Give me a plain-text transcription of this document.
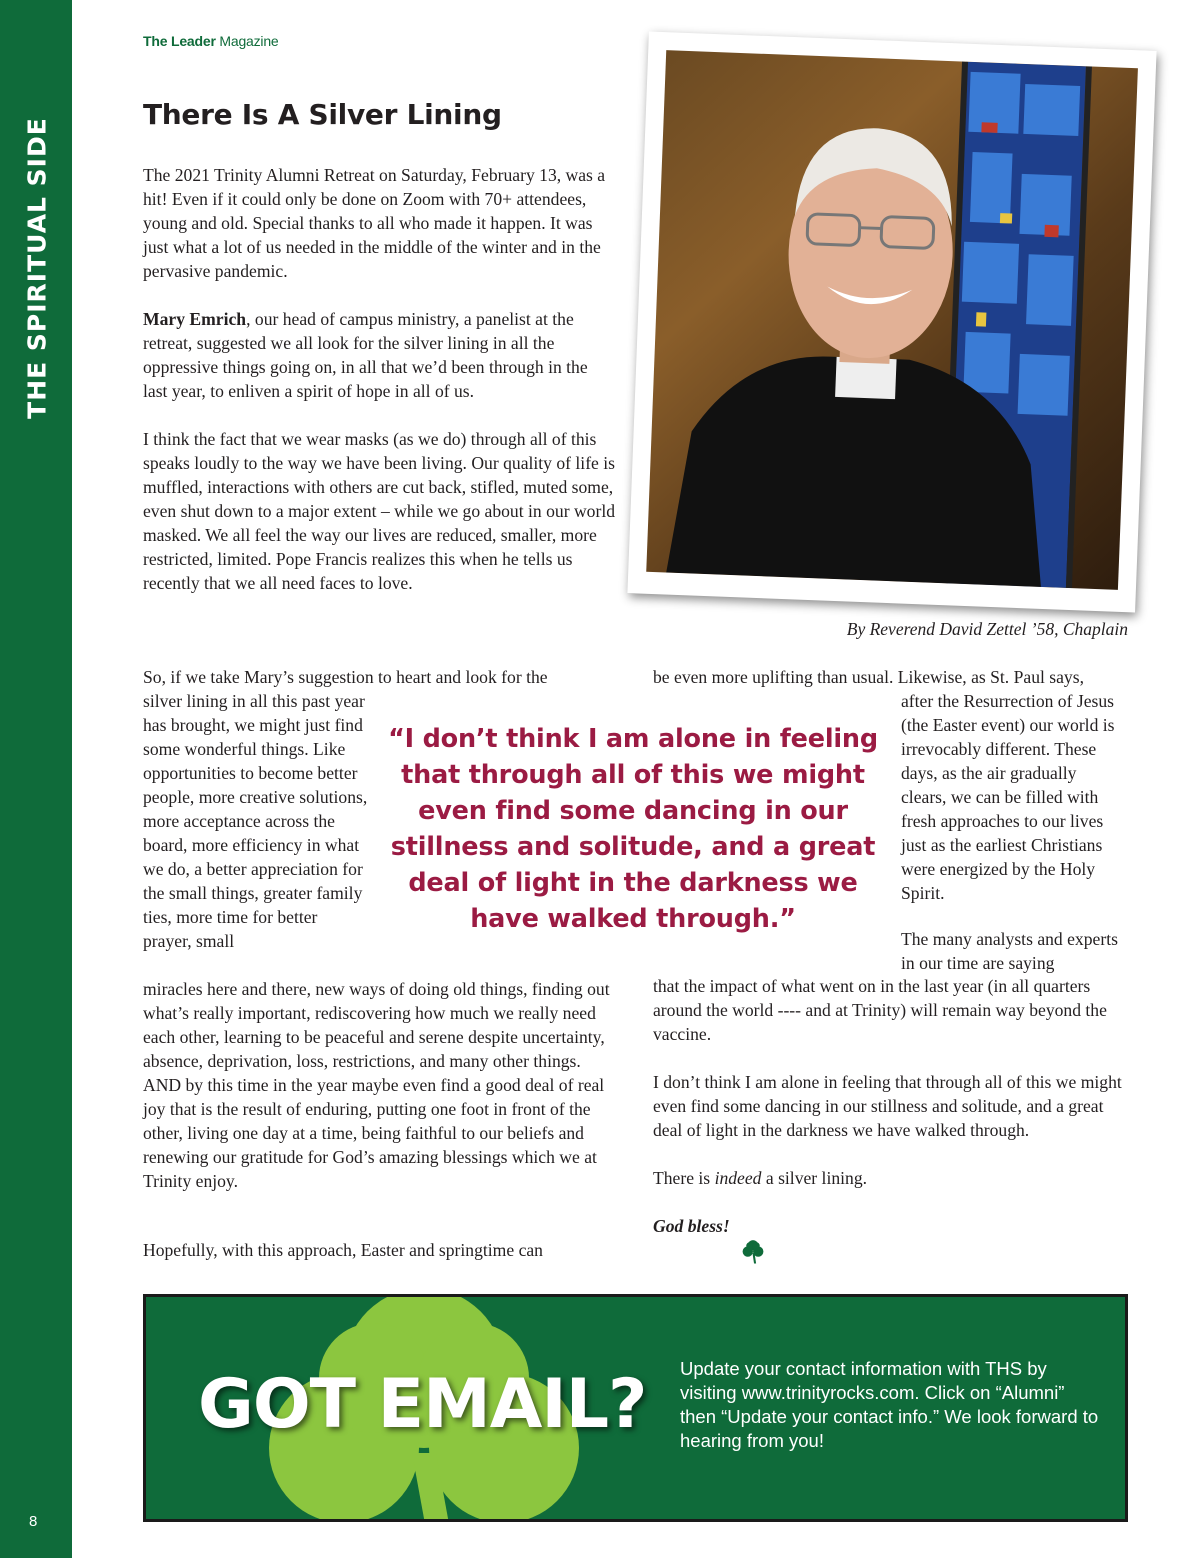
THE SPIRITUAL SIDE
8
The Leader Magazine
There Is A Silver Lining

The 2021 Trinity Alumni Retreat on Saturday, February 13, was a hit! Even if it could only be done on Zoom with 70+ attendees, young and old. Special thanks to all who made it happen. It was just what a lot of us needed in the middle of the winter and in the pervasive pandemic.

Mary Emrich, our head of campus ministry, a panelist at the retreat, suggested we all look for the silver lining in all the oppressive things going on, in all that we’d been through in the last year, to enliven a spirit of hope in all of us.

I think the fact that we wear masks (as we do) through all of this speaks loudly to the way we have been living. Our quality of life is muffled, interactions with others are cut back, stifled, muted some, even shut down to a major extent – while we go about in our world masked. We all feel the way our lives are reduced, smaller, more restricted, limited. Pope Francis realizes this when he tells us recently that we all need faces to love.

So, if we take Mary’s suggestion to heart and look for the
silver lining in all this past year has brought, we might just find some wonderful things. Like opportunities to become better people, more creative solutions, more acceptance across the board, more efficiency in what we do, a better appreciation for the small things, greater family ties, more time for better prayer, small
miracles here and there, new ways of doing old things, finding out what’s really important, rediscovering how much we really need each other, learning to be peaceful and serene despite uncertainty, absence, deprivation, loss, restrictions, and many other things. AND by this time in the year maybe even find a good deal of real joy that is the result of enduring, putting one foot in front of the other, living one day at a time, being faithful to our beliefs and renewing our gratitude for God’s amazing blessings which we at Trinity enjoy.
Hopefully, with this approach, Easter and springtime can
be even more uplifting than usual. Likewise, as St. Paul says,
after the Resurrection of Jesus (the Easter event) our world is irrevocably different. These days, as the air gradually clears, we can be filled with fresh approaches to our lives just as the earliest Christians were energized by the Holy Spirit.
The many analysts and experts in our time are saying

that the impact of what went on in the last year (in all quarters around the world ---- and at Trinity) will remain way beyond the vaccine.

I don’t think I am alone in feeling that through all of this we might even find some dancing in our stillness and solitude, and a great deal of light in the darkness we have walked through.

There is indeed a silver lining.

God bless!

By Reverend David Zettel ’58, Chaplain
“I don’t think I am alone in feeling that through all of this we might even find some dancing in our stillness and solitude, and a great deal of light in the darkness we have walked through.”
GOT EMAIL? Update your contact information with THS by visiting www.trinityrocks.com. Click on “Alumni” then “Update your contact info.” We look forward to hearing from you!
